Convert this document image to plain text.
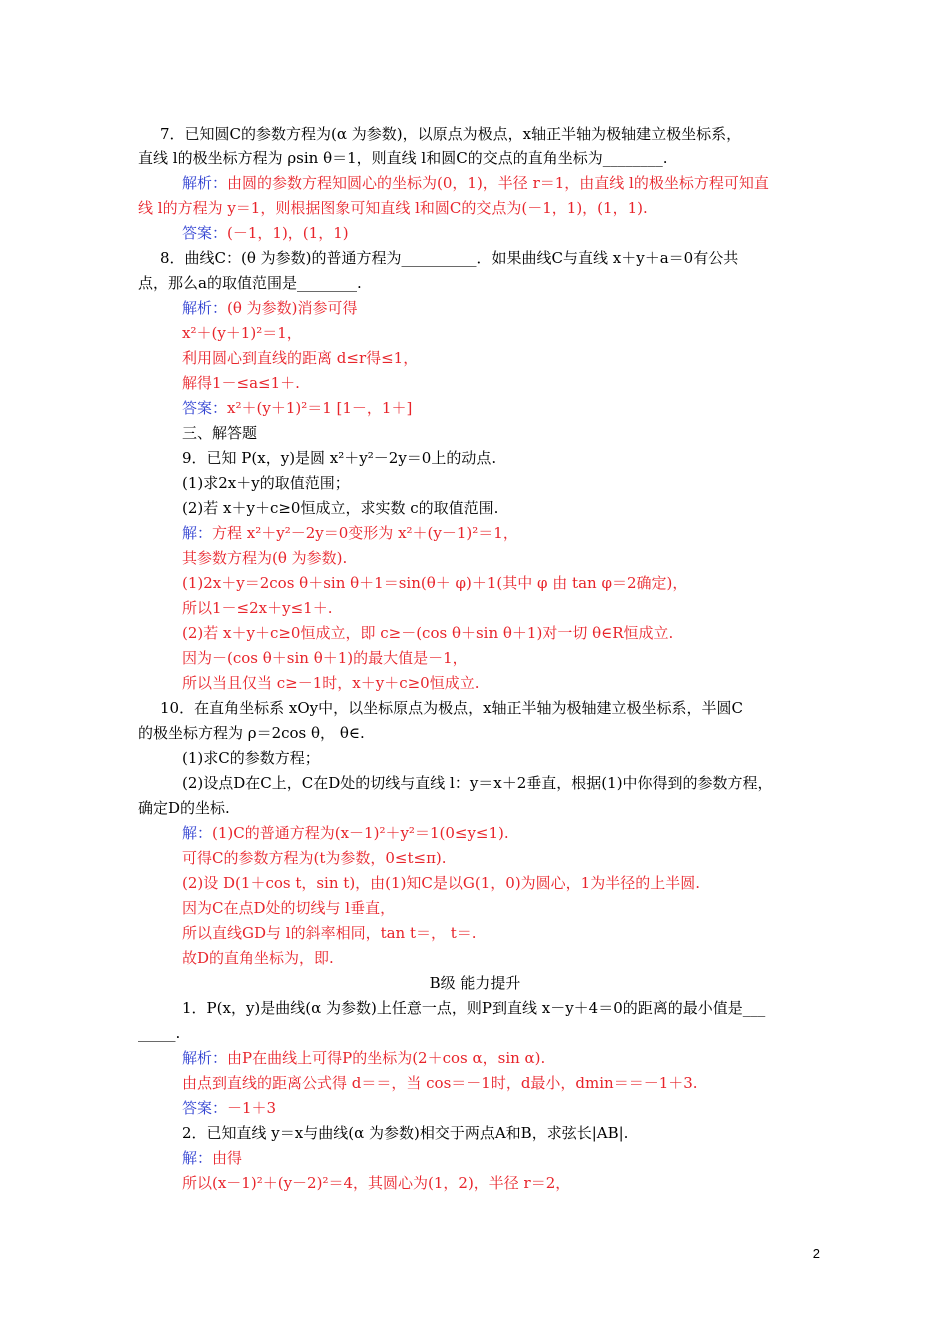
7．已知圆C的参数方程为(α 为参数)，以原点为极点，x轴正半轴为极轴建立极坐标系，
直线 l的极坐标方程为 ρsin θ＝1，则直线 l和圆C的交点的直角坐标为________.
解析：由圆的参数方程知圆心的坐标为(0，1)，半径 r＝1，由直线 l的极坐标方程可知直
线 l的方程为 y＝1，则根据图象可知直线 l和圆C的交点为(－1，1)，(1，1).
答案：(－1，1)，(1，1)
8．曲线C：(θ 为参数)的普通方程为__________．如果曲线C与直线 x＋y＋a＝0有公共
点，那么a的取值范围是________.
解析：(θ 为参数)消参可得
x²＋(y＋1)²＝1，
利用圆心到直线的距离 d≤r得≤1，
解得1－≤a≤1＋.
答案：x²＋(y＋1)²＝1 [1－，1＋]
三、解答题
9．已知 P(x，y)是圆 x²＋y²－2y＝0上的动点.
(1)求2x＋y的取值范围；
(2)若 x＋y＋c≥0恒成立，求实数 c的取值范围.
解：方程 x²＋y²－2y＝0变形为 x²＋(y－1)²＝1，
其参数方程为(θ 为参数).
(1)2x＋y＝2cos θ＋sin θ＋1＝sin(θ＋ φ)＋1(其中 φ 由 tan φ＝2确定)，
所以1－≤2x＋y≤1＋.
(2)若 x＋y＋c≥0恒成立，即 c≥－(cos θ＋sin θ＋1)对一切 θ∈R恒成立.
因为－(cos θ＋sin θ＋1)的最大值是－1，
所以当且仅当 c≥－1时，x＋y＋c≥0恒成立.
10．在直角坐标系 xOy中，以坐标原点为极点，x轴正半轴为极轴建立极坐标系，半圆C
的极坐标方程为 ρ＝2cos θ， θ∈.
(1)求C的参数方程；
(2)设点D在C上，C在D处的切线与直线 l：y＝x＋2垂直，根据(1)中你得到的参数方程，
确定D的坐标.
解：(1)C的普通方程为(x－1)²＋y²＝1(0≤y≤1).
可得C的参数方程为(t为参数，0≤t≤π).
(2)设 D(1＋cos t，sin t)，由(1)知C是以G(1，0)为圆心，1为半径的上半圆.
因为C在点D处的切线与 l垂直，
所以直线GD与 l的斜率相同，tan t＝， t＝.
故D的直角坐标为，即.
B级 能力提升
1．P(x，y)是曲线(α 为参数)上任意一点，则P到直线 x－y＋4＝0的距离的最小值是___
_____.
解析：由P在曲线上可得P的坐标为(2＋cos α，sin α).
由点到直线的距离公式得 d＝＝，当 cos＝－1时，d最小，dmin＝＝－1＋3.
答案：－1＋3
2．已知直线 y＝x与曲线(α 为参数)相交于两点A和B，求弦长|AB|.
解：由得
所以(x－1)²＋(y－2)²＝4，其圆心为(1，2)，半径 r＝2，
2
